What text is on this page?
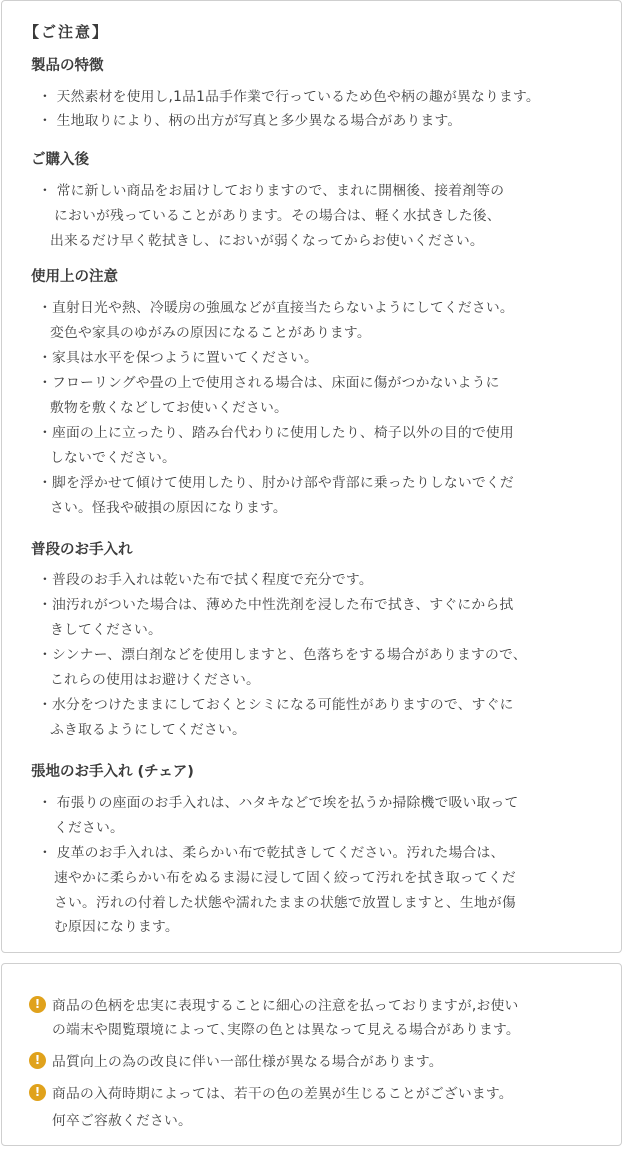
【ご注意】
製品の特徴
・ 天然素材を使用し,1品1品手作業で行っているため色や柄の趣が異なります。
・ 生地取りにより、柄の出方が写真と多少異なる場合があります。
ご購入後
・ 常に新しい商品をお届けしておりますので、まれに開梱後、接着剤等の
においが残っていることがあります。その場合は、軽く水拭きした後、
出来るだけ早く乾拭きし、においが弱くなってからお使いください。
使用上の注意
・直射日光や熱、冷暖房の強風などが直接当たらないようにしてください。
変色や家具のゆがみの原因になることがあります。
・家具は水平を保つように置いてください。
・フローリングや畳の上で使用される場合は、床面に傷がつかないように
敷物を敷くなどしてお使いください。
・座面の上に立ったり、踏み台代わりに使用したり、椅子以外の目的で使用
しないでください。
・脚を浮かせて傾けて使用したり、肘かけ部や背部に乗ったりしないでくだ
さい。怪我や破損の原因になります。
普段のお手入れ
・普段のお手入れは乾いた布で拭く程度で充分です。
・油汚れがついた場合は、薄めた中性洗剤を浸した布で拭き、すぐにから拭
きしてください。
・シンナー、漂白剤などを使用しますと、色落ちをする場合がありますので、
これらの使用はお避けください。
・水分をつけたままにしておくとシミになる可能性がありますので、すぐに
ふき取るようにしてください。
張地のお手入れ (チェア)
・ 布張りの座面のお手入れは、ハタキなどで埃を払うか掃除機で吸い取って
ください。
・ 皮革のお手入れは、柔らかい布で乾拭きしてください。汚れた場合は、
速やかに柔らかい布をぬるま湯に浸して固く絞って汚れを拭き取ってくだ
さい。汚れの付着した状態や濡れたままの状態で放置しますと、生地が傷
む原因になります。
! 商品の色柄を忠実に表現することに細心の注意を払っておりますが,お使い
の端末や閲覧環境によって､実際の色とは異なって見える場合があります。
! 品質向上の為の改良に伴い一部仕様が異なる場合があります。
! 商品の入荷時期によっては、若干の色の差異が生じることがございます。
何卒ご容赦ください。
